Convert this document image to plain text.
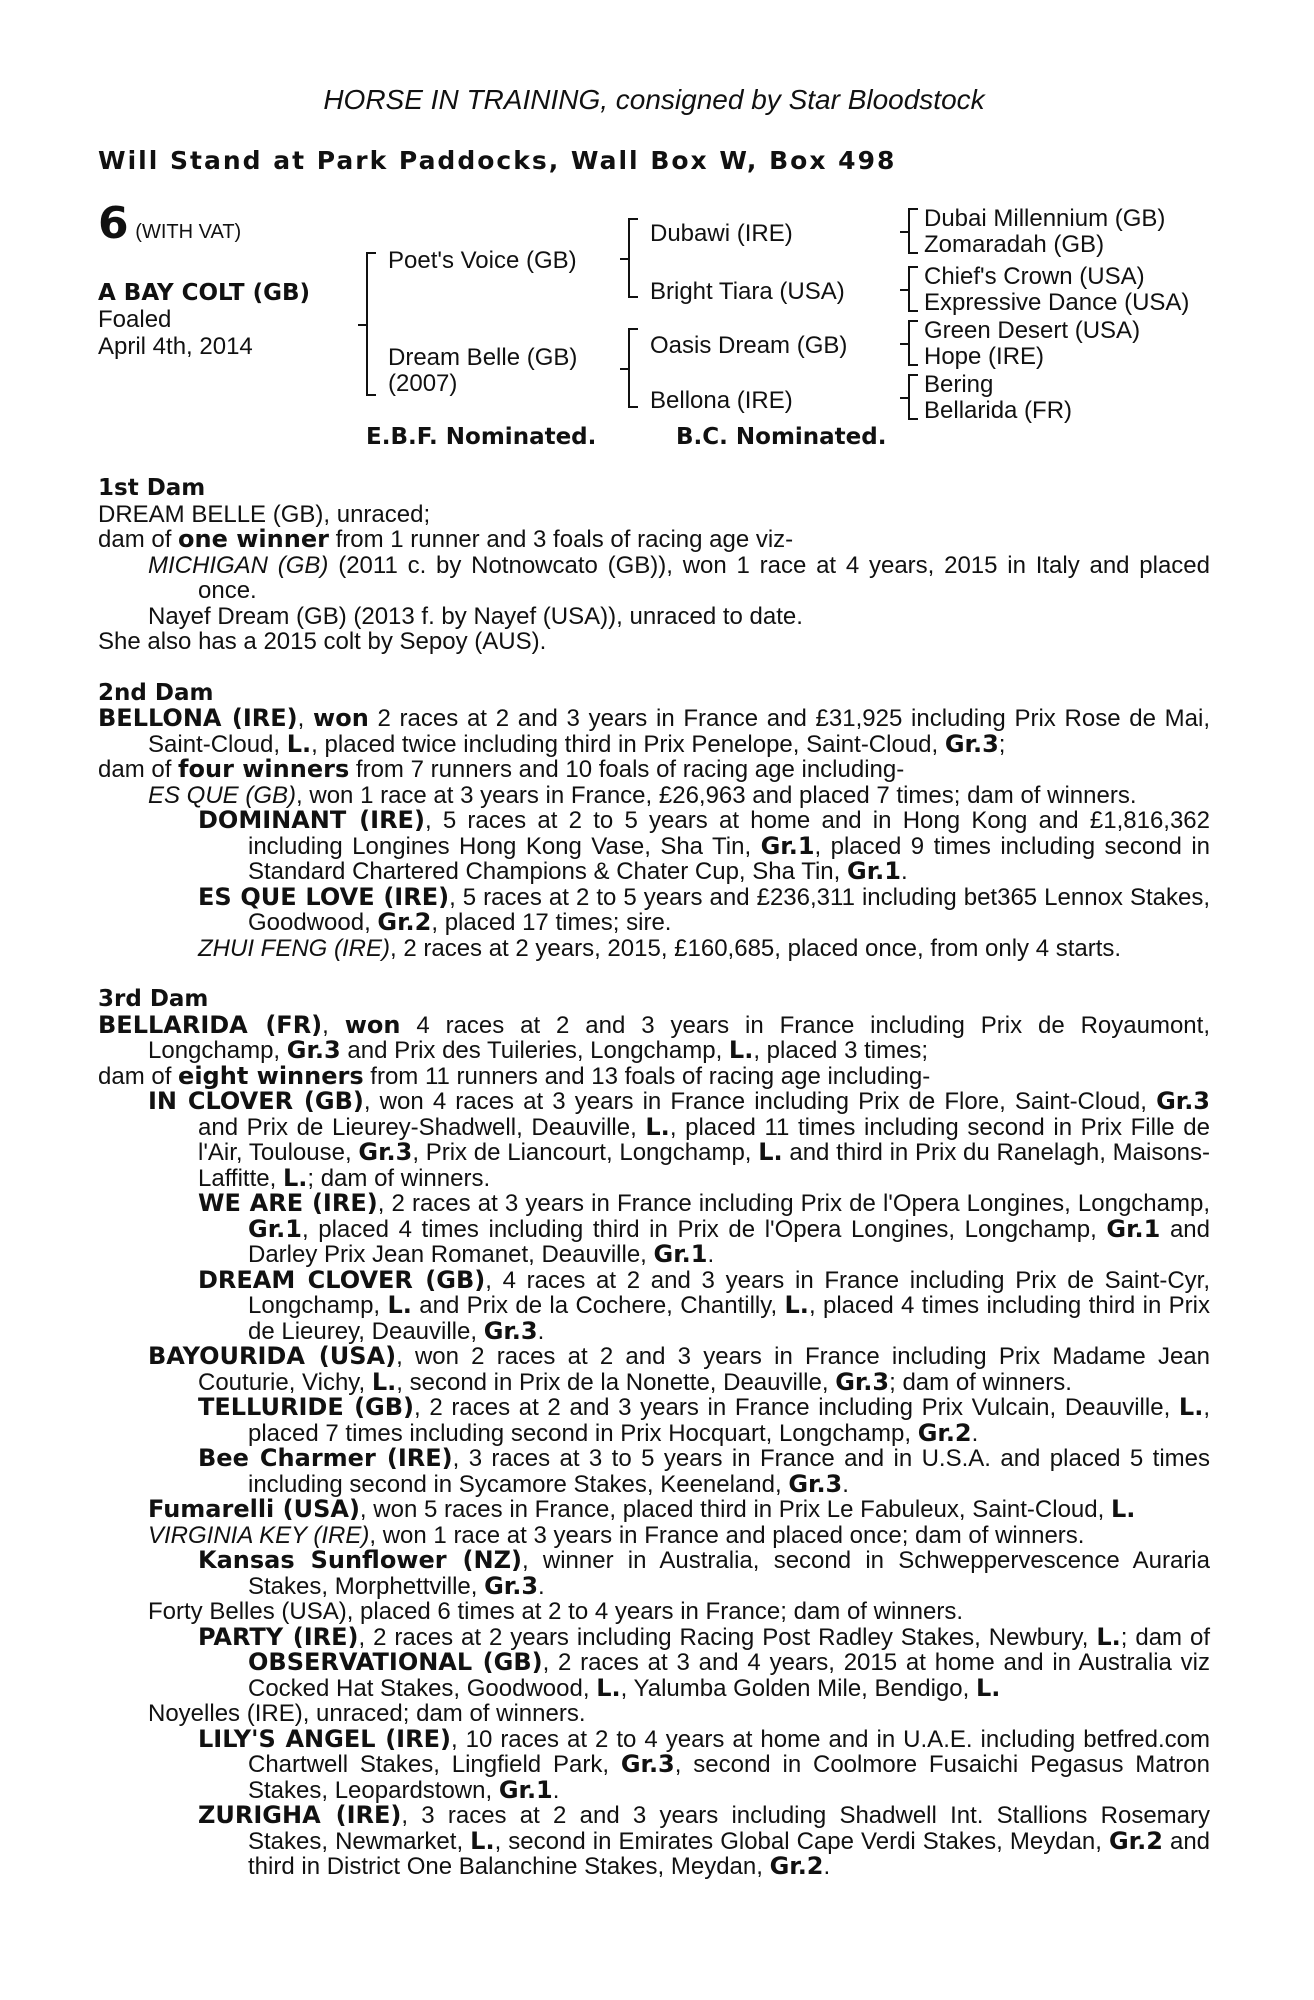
HORSE IN TRAINING, consigned by Star Bloodstock
Will Stand at Park Paddocks, Wall Box W, Box 498
6 (WITH VAT)
A BAY COLT (GB)
Foaled
April 4th, 2014
Poet's Voice (GB)
Dream Belle (GB)
(2007)
Dubawi (IRE)
Bright Tiara (USA)
Oasis Dream (GB)
Bellona (IRE)
Dubai Millennium (GB)
Zomaradah (GB)
Chief's Crown (USA)
Expressive Dance (USA)
Green Desert (USA)
Hope (IRE)
Bering
Bellarida (FR)
E.B.F. Nominated.	B.C. Nominated.

1st Dam

DREAM BELLE (GB), unraced;

dam of one winner from 1 runner and 3 foals of racing age viz-

MICHIGAN (GB) (2011 c. by Notnowcato (GB)), won 1 race at 4 years, 2015 in Italy and placed once.

Nayef Dream (GB) (2013 f. by Nayef (USA)), unraced to date.

She also has a 2015 colt by Sepoy (AUS).

2nd Dam

BELLONA (IRE), won 2 races at 2 and 3 years in France and £31,925 including Prix Rose de Mai, Saint-Cloud, L., placed twice including third in Prix Penelope, Saint-Cloud, Gr.3;

dam of four winners from 7 runners and 10 foals of racing age including-

ES QUE (GB), won 1 race at 3 years in France, £26,963 and placed 7 times; dam of winners.

DOMINANT (IRE), 5 races at 2 to 5 years at home and in Hong Kong and £1,816,362 including Longines Hong Kong Vase, Sha Tin, Gr.1, placed 9 times including second in Standard Chartered Champions & Chater Cup, Sha Tin, Gr.1.

ES QUE LOVE (IRE), 5 races at 2 to 5 years and £236,311 including bet365 Lennox Stakes, Goodwood, Gr.2, placed 17 times; sire.

ZHUI FENG (IRE), 2 races at 2 years, 2015, £160,685, placed once, from only 4 starts.

3rd Dam

BELLARIDA (FR), won 4 races at 2 and 3 years in France including Prix de Royaumont, Longchamp, Gr.3 and Prix des Tuileries, Longchamp, L., placed 3 times;

dam of eight winners from 11 runners and 13 foals of racing age including-

IN CLOVER (GB), won 4 races at 3 years in France including Prix de Flore, Saint-Cloud, Gr.3 and Prix de Lieurey-Shadwell, Deauville, L., placed 11 times including second in Prix Fille de l'Air, Toulouse, Gr.3, Prix de Liancourt, Longchamp, L. and third in Prix du Ranelagh, Maisons-Laffitte, L.; dam of winners.

WE ARE (IRE), 2 races at 3 years in France including Prix de l'Opera Longines, Longchamp, Gr.1, placed 4 times including third in Prix de l'Opera Longines, Longchamp, Gr.1 and Darley Prix Jean Romanet, Deauville, Gr.1.

DREAM CLOVER (GB), 4 races at 2 and 3 years in France including Prix de Saint-Cyr, Longchamp, L. and Prix de la Cochere, Chantilly, L., placed 4 times including third in Prix de Lieurey, Deauville, Gr.3.

BAYOURIDA (USA), won 2 races at 2 and 3 years in France including Prix Madame Jean Couturie, Vichy, L., second in Prix de la Nonette, Deauville, Gr.3; dam of winners.

TELLURIDE (GB), 2 races at 2 and 3 years in France including Prix Vulcain, Deauville, L., placed 7 times including second in Prix Hocquart, Longchamp, Gr.2.

Bee Charmer (IRE), 3 races at 3 to 5 years in France and in U.S.A. and placed 5 times including second in Sycamore Stakes, Keeneland, Gr.3.

Fumarelli (USA), won 5 races in France, placed third in Prix Le Fabuleux, Saint-Cloud, L.

VIRGINIA KEY (IRE), won 1 race at 3 years in France and placed once; dam of winners.

Kansas Sunflower (NZ), winner in Australia, second in Schweppervescence Auraria Stakes, Morphettville, Gr.3.

Forty Belles (USA), placed 6 times at 2 to 4 years in France; dam of winners.

PARTY (IRE), 2 races at 2 years including Racing Post Radley Stakes, Newbury, L.; dam of OBSERVATIONAL (GB), 2 races at 3 and 4 years, 2015 at home and in Australia viz Cocked Hat Stakes, Goodwood, L., Yalumba Golden Mile, Bendigo, L.

Noyelles (IRE), unraced; dam of winners.

LILY'S ANGEL (IRE), 10 races at 2 to 4 years at home and in U.A.E. including betfred.com Chartwell Stakes, Lingfield Park, Gr.3, second in Coolmore Fusaichi Pegasus Matron Stakes, Leopardstown, Gr.1.

ZURIGHA (IRE), 3 races at 2 and 3 years including Shadwell Int. Stallions Rosemary Stakes, Newmarket, L., second in Emirates Global Cape Verdi Stakes, Meydan, Gr.2 and third in District One Balanchine Stakes, Meydan, Gr.2.
